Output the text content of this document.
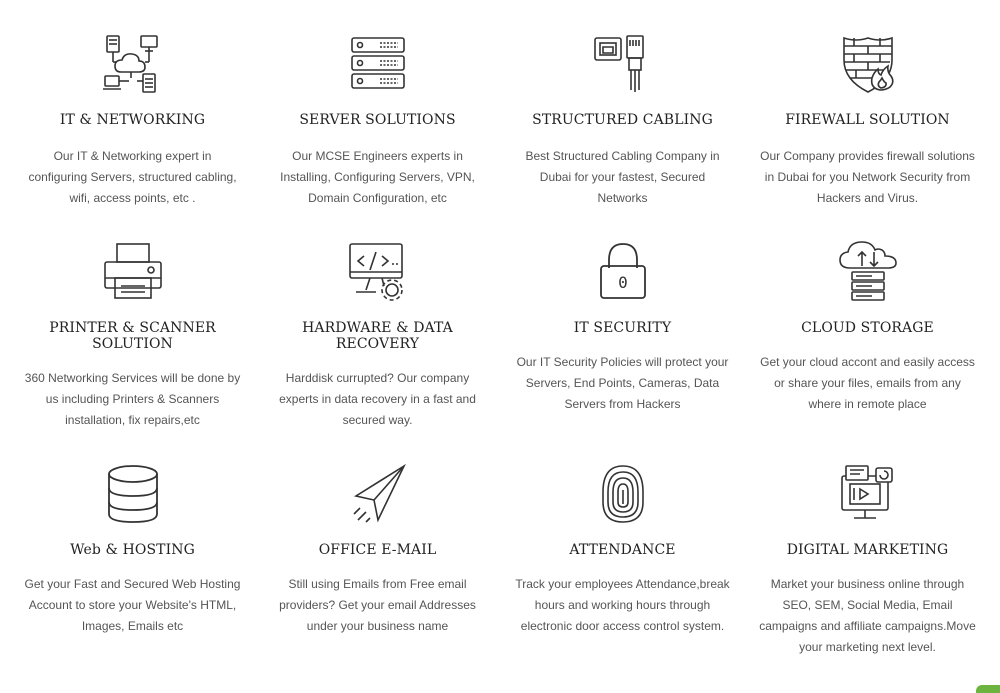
IT & NETWORKING
Our IT & Networking expert in configuring Servers, structured cabling, wifi, access points, etc .
SERVER SOLUTIONS
Our MCSE Engineers experts in Installing, Configuring Servers, VPN, Domain Configuration, etc
STRUCTURED CABLING
Best Structured Cabling Company in Dubai for your fastest, Secured Networks
FIREWALL SOLUTION
Our Company provides firewall solutions in Dubai for you Network Security from Hackers and Virus.
PRINTER & SCANNER SOLUTION
360 Networking Services will be done by us including Printers & Scanners installation, fix repairs,etc
HARDWARE & DATA RECOVERY
Harddisk currupted? Our company experts in data recovery in a fast and secured way.
0
IT SECURITY
Our IT Security Policies will protect your Servers, End Points, Cameras, Data Servers from Hackers
CLOUD STORAGE
Get your cloud accont and easily access or share your files, emails from any where in remote place
Web & HOSTING
Get your Fast and Secured Web Hosting Account to store your Website's HTML, Images, Emails etc
OFFICE E-MAIL
Still using Emails from Free email providers? Get your email Addresses under your business name
ATTENDANCE
Track your employees Attendance,break hours and working hours through electronic door access control system.
DIGITAL MARKETING
Market your business online through SEO, SEM, Social Media, Email campaigns and affiliate campaigns.Move your marketing next level.
